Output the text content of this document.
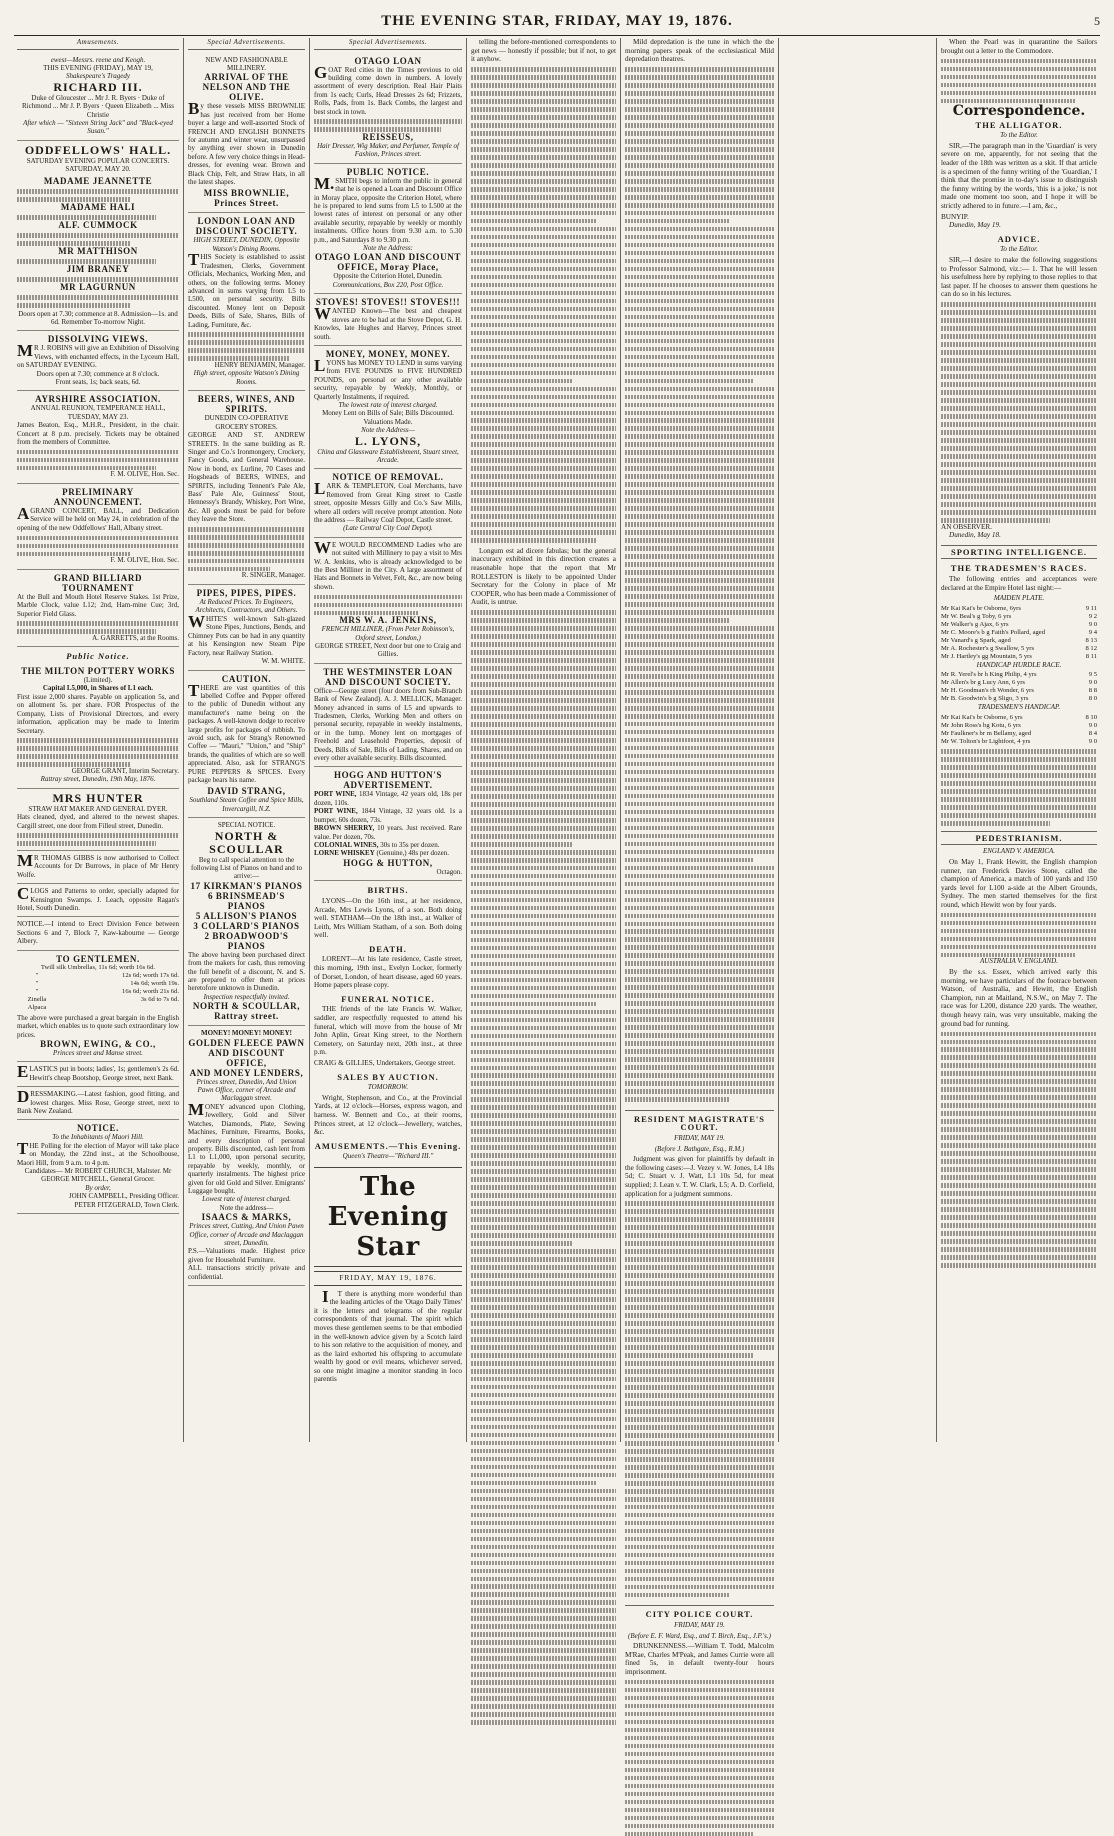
THE EVENING STAR, FRIDAY, MAY 19, 1876.	5
Amusements.
ewest—Messrs. reene and Keogh.
THIS EVENING (FRIDAY), MAY 19,
Shakespeare's Tragedy
RICHARD III.
Duke of Gloucester ... Mr J. R. Byers · Duke of Richmond ... Mr J. P. Byers · Queen Elizabeth ... Miss Christie
After which — "Sixteen String Jack" and "Black-eyed Susan."
ODDFELLOWS' HALL.
SATURDAY EVENING POPULAR CONCERTS.
SATURDAY, MAY 20.
MADAME JEANNETTE
MADAME HALI
ALF. CUMMOCK
MR MATTHISON
JIM BRANEY
MR LAGURNUN
Doors open at 7.30; commence at 8. Admission—1s. and 6d. Remember To-morrow Night.
DISSOLVING VIEWS.
MR J. ROBINS will give an Exhibition of Dissolving Views, with enchanted effects, in the Lyceum Hall, on SATURDAY EVENING.
Doors open at 7.30; commence at 8 o'clock.
Front seats, 1s; back seats, 6d.
AYRSHIRE ASSOCIATION.
ANNUAL REUNION, TEMPERANCE HALL, TUESDAY, MAY 23.
James Beaton, Esq., M.H.R., President, in the chair. Concert at 8 p.m. precisely. Tickets may be obtained from the members of Committee.
F. M. OLIVE, Hon. Sec.
PRELIMINARY ANNOUNCEMENT.
AGRAND CONCERT, BALL, and Dedication Service will be held on May 24, in celebration of the opening of the new Oddfellows' Hall, Albany street.
F. M. OLIVE, Hon. Sec.
GRAND BILLIARD TOURNAMENT
At the Bull and Mouth Hotel Reserve Stakes. 1st Prize, Marble Clock, value L12; 2nd, Ham-mine Cue; 3rd, Superior Field Glass.
A. GARRETTS, at the Rooms.
Public Notice.
THE MILTON POTTERY WORKS
(Limited).
Capital L5,000, in Shares of L1 each.
First issue 2,000 shares. Payable on application 5s, and on allotment 5s. per share. FOR Prospectus of the Company, Lists of Provisional Directors, and every information, application may be made to Interim Secretary.
GEORGE GRANT, Interim Secretary.
Rattray street, Dunedin, 19th May, 1876.
MRS HUNTER
STRAW HAT MAKER AND GENERAL DYER.
Hats cleaned, dyed, and altered to the newest shapes. Cargill street, one door from Filleul street, Dunedin.
MR THOMAS GIBBS is now authorised to Collect Accounts for Dr Burrows, in place of Mr Henry Wolfe.
CLOGS and Patterns to order, specially adapted for Kensington Swamps. J. Leach, opposite Ragan's Hotel, South Dunedin.
NOTICE.—I intend to Erect Division Fence between Sections 6 and 7, Block 7, Kaw-kabourne — George Albery.
TO GENTLEMEN.
Twill silk Umbrellas, 11s 6d; worth 16s 6d.	
"	12s 6d; worth 17s 6d.
"	14s 6d; worth 19s.
"	16s 6d; worth 21s 6d.
Zinella	3s 6d to 7s 6d.
Alpaca	
The above were purchased a great bargain in the English market, which enables us to quote such extraordinary low prices.
BROWN, EWING, & CO.,
Princes street and Manse street.
ELASTICS put in boots; ladies', 1s; gentlemen's 2s 6d. Hewitt's cheap Bootshop, George street, next Bank.
DRESSMAKING.—Latest fashion, good fitting, and lowest charges. Miss Rose, George street, next to Bank New Zealand.
NOTICE.
To the Inhabitants of Maori Hill.
THE Polling for the election of Mayor will take place on Monday, the 22nd inst., at the Schoolhouse, Maori Hill, from 9 a.m. to 4 p.m.
Candidates— Mr ROBERT CHURCH, Maltster. Mr GEORGE MITCHELL, General Grocer.
By order,
JOHN CAMPBELL, Presiding Officer.
PETER FITZGERALD, Town Clerk.
Special Advertisements.
NEW AND FASHIONABLE MILLINERY.
ARRIVAL OF THE NELSON AND THE OLIVE.
By these vessels MISS BROWNLIE has just received from her Home buyer a large and well-assorted Stock of FRENCH AND ENGLISH BONNETS for autumn and winter wear, unsurpassed by anything ever shown in Dunedin before. A few very choice things in Head-dresses, for evening wear. Brown and Black Chip, Felt, and Straw Hats, in all the latest shapes.
MISS BROWNLIE, Princes Street.
LONDON LOAN AND DISCOUNT SOCIETY.
HIGH STREET, DUNEDIN, Opposite Watson's Dining Rooms.
THIS Society is established to assist Tradesmen, Clerks, Government Officials, Mechanics, Working Men, and others, on the following terms. Money advanced in sums varying from L5 to L500, on personal security. Bills discounted. Money lent on Deposit Deeds, Bills of Sale, Shares, Bills of Lading, Furniture, &c.
HENRY BENJAMIN, Manager.
High street, opposite Watson's Dining Rooms.
BEERS, WINES, AND SPIRITS.
DUNEDIN CO-OPERATIVE GROCERY STORES.
GEORGE AND ST. ANDREW STREETS. In the same building as R. Singer and Co.'s Ironmongery, Crockery, Fancy Goods, and General Warehouse. Now in bond, ex Lurline, 70 Cases and Hogsheads of BEERS, WINES, and SPIRITS, including Tennent's Pale Ale, Bass' Pale Ale, Guinness' Stout, Hennessy's Brandy, Whiskey, Port Wine, &c. All goods must be paid for before they leave the Store.
R. SINGER, Manager.
PIPES, PIPES, PIPES.
At Reduced Prices. To Engineers, Architects, Contractors, and Others.
WHITE'S well-known Salt-glazed Stone Pipes, Junctions, Bends, and Chimney Pots can be had in any quantity at his Kensington new Steam Pipe Factory, near Railway Station.
W. M. WHITE.
CAUTION.
THERE are vast quantities of this labelled Coffee and Pepper offered to the public of Dunedin without any manufacturer's name being on the packages. A well-known dodge to receive large profits for packages of rubbish. To avoid such, ask for Strang's Renowned Coffee — "Mauri," "Union," and "Ship" brands, the qualities of which are so well appreciated. Also, ask for STRANG'S PURE PEPPERS & SPICES. Every package bears his name.
DAVID STRANG,
Southland Steam Coffee and Spice Mills, Invercargill, N.Z.
SPECIAL NOTICE.
NORTH & SCOULLAR
Beg to call special attention to the following List of Pianos on hand and to arrive:—
17 KIRKMAN'S PIANOS
6 BRINSMEAD'S PIANOS
5 ALLISON'S PIANOS
3 COLLARD'S PIANOS
2 BROADWOOD'S PIANOS
The above having been purchased direct from the makers for cash, thus removing the full benefit of a discount, N. and S. are prepared to offer them at prices heretofore unknown in Dunedin.
Inspection respectfully invited.
NORTH & SCOULLAR, Rattray street.
MONEY! MONEY! MONEY!
GOLDEN FLEECE PAWN AND DISCOUNT OFFICE,
AND MONEY LENDERS,
Princes street, Dunedin, And Union Pawn Office, corner of Arcade and Maclaggan street.
MONEY advanced upon Clothing, Jewellery, Gold and Silver Watches, Diamonds, Plate, Sewing Machines, Furniture, Firearms, Books, and every description of personal property. Bills discounted, cash lent from L1 to L1,000, upon personal security, repayable by weekly, monthly, or quarterly instalments. The highest price given for old Gold and Silver. Emigrants' Luggage bought.
Lowest rate of interest charged.
Note the address—
ISAACS & MARKS,
Princes street, Cutting, And Union Pawn Office, corner of Arcade and Maclaggan street, Dunedin.
P.S.—Valuations made. Highest price given for Household Furniture.
ALL transactions strictly private and confidential.
Special Advertisements.
OTAGO LOAN
GOAT Red cities in the Times previous to old building come down in numbers. A lovely assortment of every description. Real Hair Plaits from 1s each; Curls, Head Dresses 2s 6d; Frizzets, Rolls, Pads, from 1s. Back Combs, the largest and best stock in town.
REISSEUS,
Hair Dresser, Wig Maker, and Perfumer, Temple of Fashion, Princes street.
PUBLIC NOTICE.
M.SMITH begs to inform the public in general that he is opened a Loan and Discount Office in Moray place, opposite the Criterion Hotel, where he is prepared to lend sums from L5 to L500 at the lowest rates of interest on personal or any other available security, repayable by weekly or monthly instalments. Office hours from 9.30 a.m. to 5.30 p.m., and Saturdays 8 to 9.30 p.m.
Note the Address:
OTAGO LOAN AND DISCOUNT OFFICE, Moray Place,
Opposite the Criterion Hotel, Dunedin.
Communications, Box 220, Post Office.
STOVES! STOVES!! STOVES!!!
WANTED Known—The best and cheapest stoves are to be had at the Stove Depot, G. H. Knowles, late Hughes and Harvey, Princes street south.
MONEY, MONEY, MONEY.
LYONS has MONEY TO LEND in sums varying from FIVE POUNDS to FIVE HUNDRED POUNDS, on personal or any other available security, repayable by Weekly, Monthly, or Quarterly Instalments, if required.
The lowest rate of interest charged.
Money Lent on Bills of Sale; Bills Discounted. Valuations Made.
Note the Address—
L. LYONS,
China and Glassware Establishment, Stuart street, Arcade.
NOTICE OF REMOVAL.
LARK & TEMPLETON, Coal Merchants, have Removed from Great King street to Castle street, opposite Messrs Gilly and Co.'s Saw Mills, where all orders will receive prompt attention. Note the address — Railway Coal Depot, Castle street.
(Late Central City Coal Depot).
WE WOULD RECOMMEND Ladies who are not suited with Millinery to pay a visit to Mrs W. A. Jenkins, who is already acknowledged to be the Best Milliner in the City. A large assortment of Hats and Bonnets in Velvet, Felt, &c., are now being shown.
MRS W. A. JENKINS,
FRENCH MILLINER, (From Peter Robinson's, Oxford street, London,)
GEORGE STREET, Next door but one to Craig and Gillies.
THE WESTMINSTER LOAN AND DISCOUNT SOCIETY.
Office—George street (four doors from Sub-Branch Bank of New Zealand). A. J. MELLICK, Manager. Money advanced in sums of L5 and upwards to Tradesmen, Clerks, Working Men and others on personal security, repayable in weekly instalments, or in the lump. Money lent on mortgages of Freehold and Leasehold Properties, deposit of Deeds, Bills of Sale, Bills of Lading, Shares, and on every other available security. Bills discounted.
HOGG AND HUTTON'S ADVERTISEMENT.
PORT WINE, 1834 Vintage, 42 years old, 18s per dozen, 110s.
PORT WINE, 1844 Vintage, 32 years old. 1s a bumper, 60s dozen, 73s.
BROWN SHERRY, 10 years. Just received. Rare value. Per dozen, 70s.
COLONIAL WINES, 30s to 35s per dozen.
LORNE WHISKEY (Genuine,) 48s per dozen.
HOGG & HUTTON,
Octagon.
BIRTHS.
LYONS—On the 16th inst., at her residence, Arcade, Mrs Lewis Lyons, of a son. Both doing well. STATHAM—On the 18th inst., at Walker of Leith, Mrs William Statham, of a son. Both doing well.
DEATH.
LORENT—At his late residence, Castle street, this morning, 19th inst., Evelyn Locker, formerly of Dorset, London, of heart disease, aged 60 years. Home papers please copy.
FUNERAL NOTICE.
THE friends of the late Francis W. Walker, saddler, are respectfully requested to attend his funeral, which will move from the house of Mr John Aplin, Great King street, to the Northern Cemetery, on Saturday next, 20th inst., at three p.m.
CRAIG & GILLIES, Undertakers, George street.
SALES BY AUCTION.
TOMORROW.
Wright, Stephenson, and Co., at the Provincial Yards, at 12 o'clock—Horses, express wagon, and harness. W. Bennett and Co., at their rooms, Princes street, at 12 o'clock—Jewellery, watches, &c.
AMUSEMENTS.—This Evening.
Queen's Theatre—"Richard III."
The Evening Star
FRIDAY, MAY 19, 1876.
IT there is anything more wonderful than the leading articles of the 'Otago Daily Times' it is the letters and telegrams of the regular correspondents of that journal. The spirit which moves these gentlemen seems to be that embodied in the well-known advice given by a Scotch laird to his son relative to the acquisition of money, and as the laird exhorted his offspring to accumulate wealth by good or evil means, whichever served, so one might imagine a monitor standing in loco parentis
telling the before-mentioned correspondents to get news — honestly if possible; but if not, to get it anyhow.
Longum est ad dicere fabulas; but the general inaccuracy exhibited in this direction creates a reasonable hope that the report that Mr ROLLESTON is likely to be appointed Under Secretary for the Colony in place of Mr COOPER, who has been made a Commissioner of Audit, is untrue.
Mild depredation is the tune in which the the morning papers speak of the ecclesiastical Mild depredation theatres.
RESIDENT MAGISTRATE'S COURT.
FRIDAY, MAY 19.
(Before J. Bathgate, Esq., R.M.)
Judgment was given for plaintiffs by default in the following cases:—J. Vezey v. W. Jones, L4 18s 5d; C. Stuart v. J. Watt, L1 10s 5d, for meat supplied; J. Lean v. T. W. Clark, L5; A. D. Corfield, application for a judgment summons.
CITY POLICE COURT.
FRIDAY, MAY 19.
(Before E. F. Ward, Esq., and T. Birch, Esq., J.P.'s.)
DRUNKENNESS.—William T. Todd, Malcolm M'Rae, Charles M'Peak, and James Currie were all fined 5s, in default twenty-four hours imprisonment.
When the Pearl was in quarantine the Sailors brought out a letter to the Commodore.
Correspondence.
THE ALLIGATOR.
To the Editor.
SIR,—The paragraph man in the 'Guardian' is very severe on me, apparently, for not seeing that the leader of the 18th was written as a skit. If that article is a specimen of the funny writing of the 'Guardian,' I think that the promise in to-day's issue to distinguish the funny writing by the words, 'this is a joke,' is not made one moment too soon, and I hope it will be strictly adhered to in future.—I am, &c.,
BUNYIP.
Dunedin, May 19.
ADVICE.
To the Editor.
SIR,—I desire to make the following suggestions to Professor Salmond, viz.:— 1. That he will lessen his usefulness here by replying to those replies to that last paper. If he chooses to answer them questions he can do so in his lectures.
AN OBSERVER.
Dunedin, May 18.
SPORTING INTELLIGENCE.
THE TRADESMEN'S RACES.
The following entries and acceptances were declared at the Empire Hotel last night:—
MAIDEN PLATE.
Mr Kai Kai's br Osborne, 6yrs	9 11
Mr W. Beal's g Toby, 6 yrs	9 2
Mr Walker's g Ajax, 6 yrs	9 0
Mr C. Moore's b g Faith's Pollard, aged	9 4
Mr Vanard's g Spark, aged	8 13
Mr A. Rochester's g Swallow, 5 yrs	8 12
Mr J. Hartley's gg Mountain, 5 yrs	8 11
HANDICAP HURDLE RACE.
Mr R. Yerel's br h King Philip, 4 yrs	9 5
Mr Allen's br g Lucy Ann, 6 yrs	9 0
Mr H. Goodman's rh Wonder, 6 yrs	8 8
Mr B. Goodwin's b g Sligo, 3 yrs	8 0
TRADESMEN'S HANDICAP.
Mr Kai Kai's br Osborne, 6 yrs	8 10
Mr John Ross's bg Kotu, 6 yrs	9 0
Mr Faulkner's br m Bellamy, aged	8 4
Mr W. Tolton's br Lightfoot, 4 yrs	9 0
PEDESTRIANISM.
ENGLAND V. AMERICA.
On May 1, Frank Hewitt, the English champion runner, ran Frederick Davies Stone, called the champion of America, a match of 100 yards and 150 yards level for L100 a-side at the Albert Grounds, Sydney. The men started themselves for the first round, which Hewitt won by four yards.
AUSTRALIA V. ENGLAND.
By the s.s. Essex, which arrived early this morning, we have particulars of the footrace between Watson, of Australia, and Hewitt, the English Champion, run at Maitland, N.S.W., on May 7. The race was for L200, distance 220 yards. The weather, though heavy rain, was very unsuitable, making the ground bad for running.
